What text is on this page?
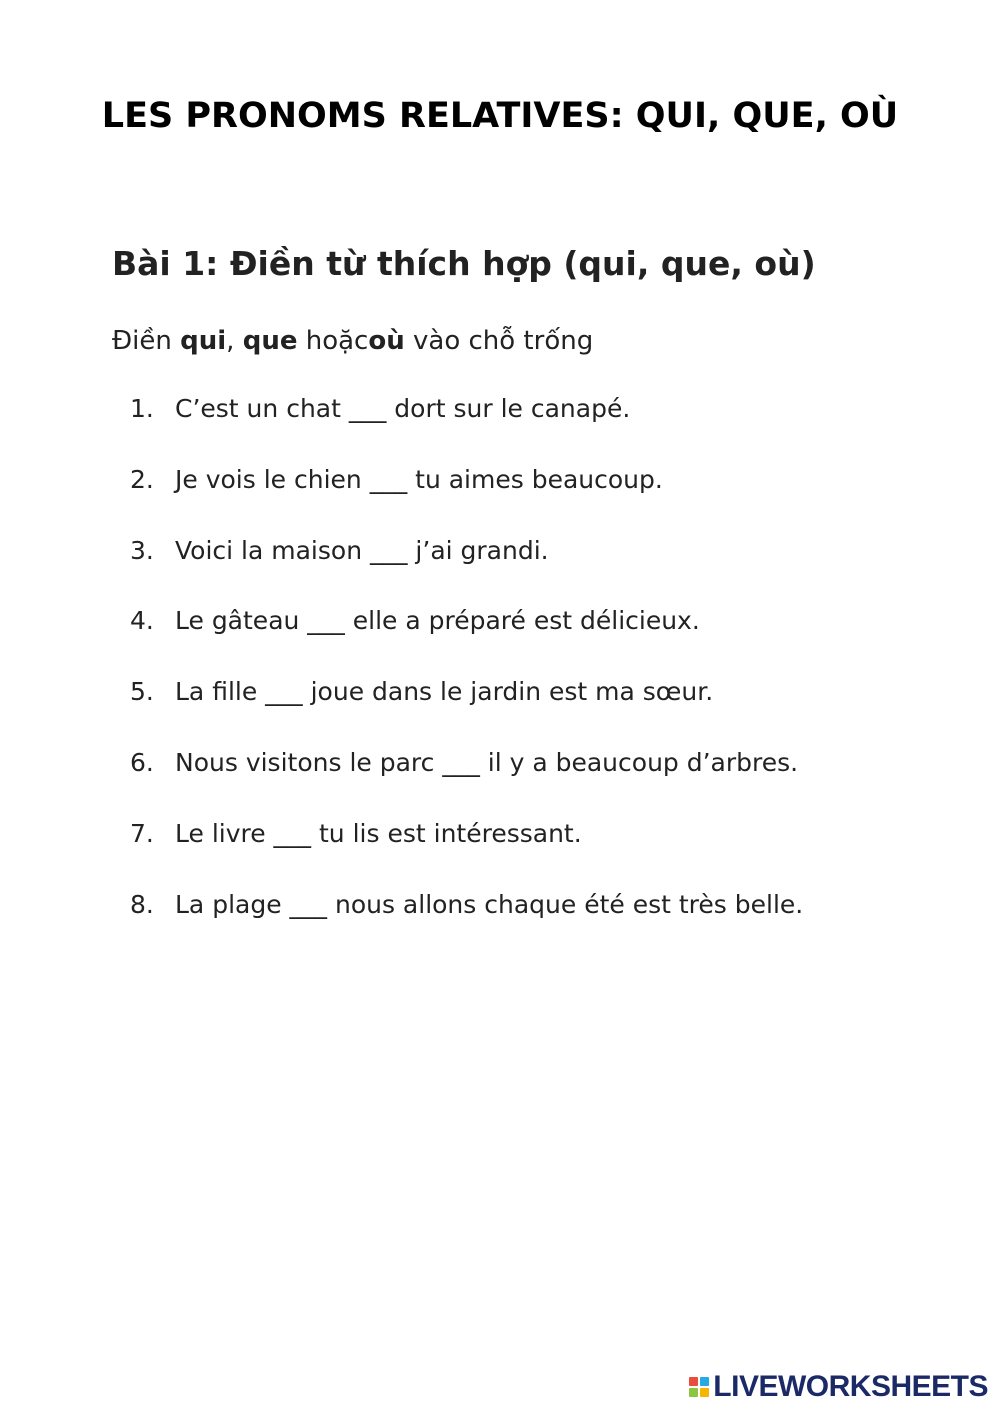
LES PRONOMS RELATIVES: QUI, QUE, OÙ
Bài 1: Điền từ thích hợp (qui, que, où)

Điền qui, que hoặcoù vào chỗ trống

1. C’est un chat ___ dort sur le canapé.
2. Je vois le chien ___ tu aimes beaucoup.
3. Voici la maison ___ j’ai grandi.
4. Le gâteau ___ elle a préparé est délicieux.
5. La fille ___ joue dans le jardin est ma sœur.
6. Nous visitons le parc ___ il y a beaucoup d’arbres.
7. Le livre ___ tu lis est intéressant.
8. La plage ___ nous allons chaque été est très belle.
LIVEWORKSHEETS
